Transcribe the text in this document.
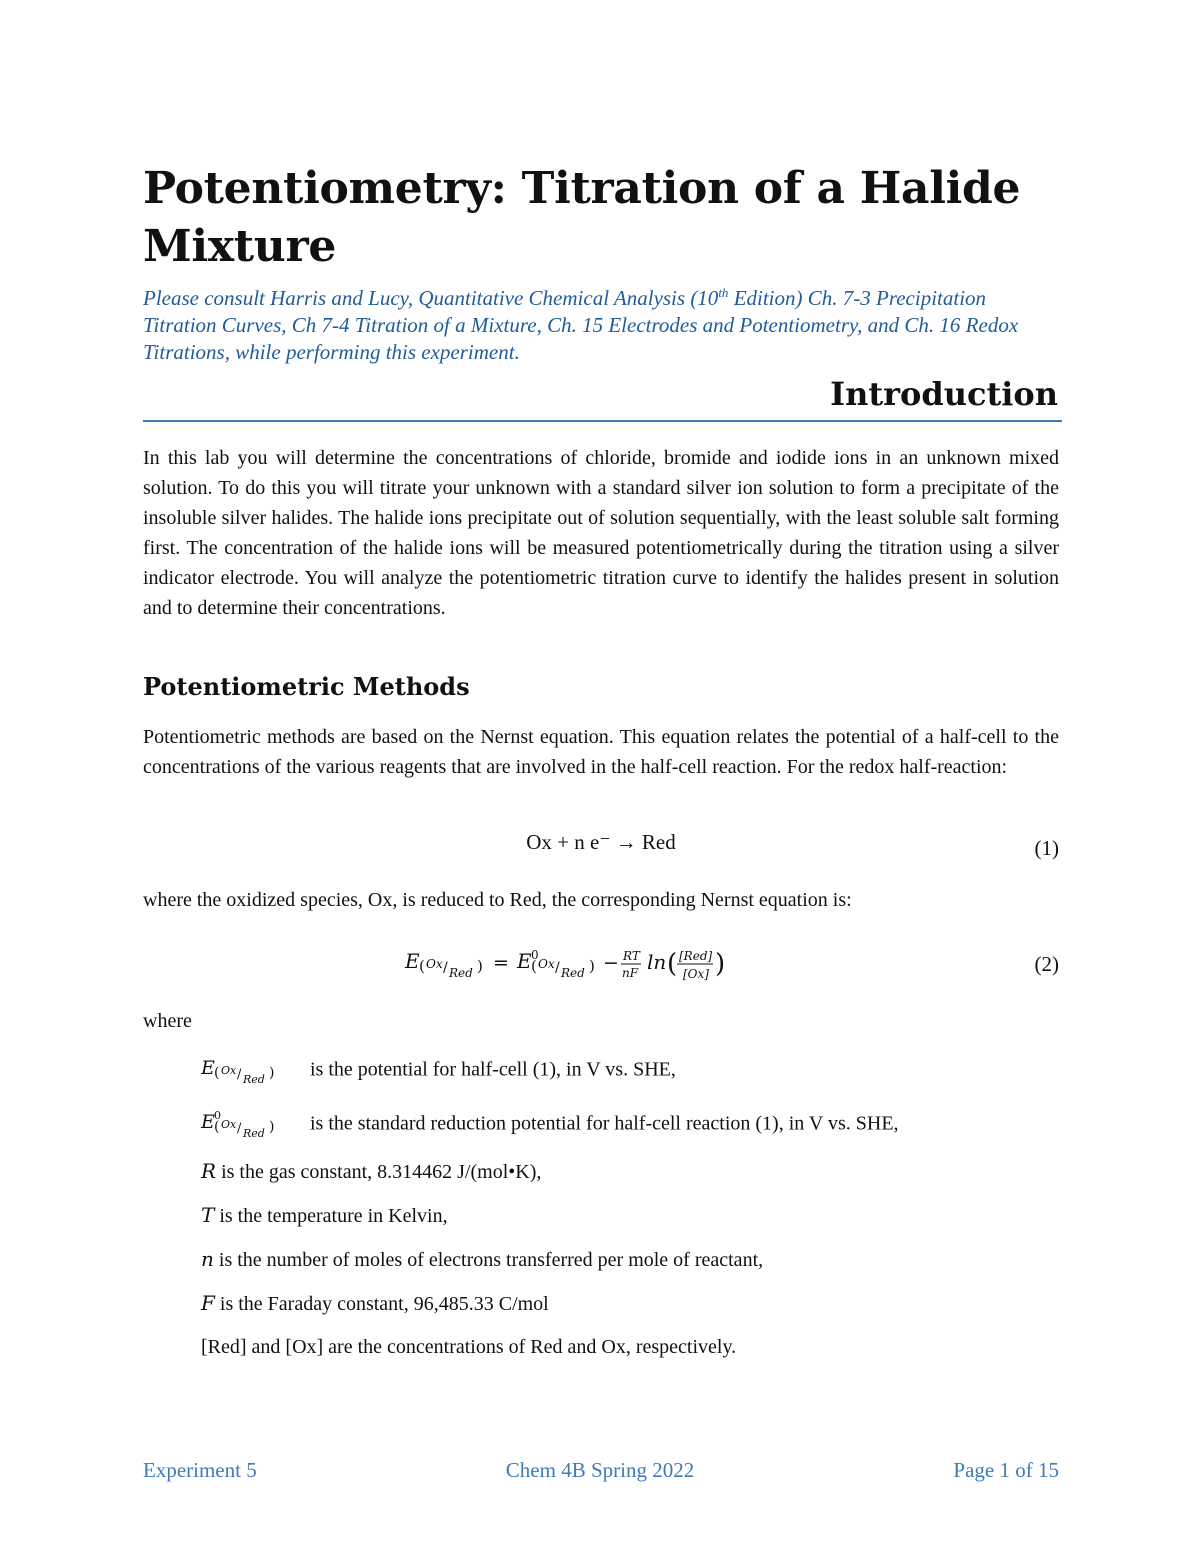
Potentiometry: Titration of a Halide Mixture
Please consult Harris and Lucy, Quantitative Chemical Analysis (10th Edition) Ch. 7-3 Precipitation Titration Curves, Ch 7-4 Titration of a Mixture, Ch. 15 Electrodes and Potentiometry, and Ch. 16 Redox Titrations, while performing this experiment.
Introduction

In this lab you will determine the concentrations of chloride, bromide and iodide ions in an unknown mixed solution. To do this you will titrate your unknown with a standard silver ion solution to form a precipitate of the insoluble silver halides. The halide ions precipitate out of solution sequentially, with the least soluble salt forming first. The concentration of the halide ions will be measured potentiometrically during the titration using a silver indicator electrode. You will analyze the potentiometric titration curve to identify the halides present in solution and to determine their concentrations.

Potentiometric Methods

Potentiometric methods are based on the Nernst equation. This equation relates the potential of a half-cell to the concentrations of the various reagents that are involved in the half-cell reaction. For the redox half-reaction:

Ox + n e⁻ → Red	(1)

where the oxidized species, Ox, is reduced to Red, the corresponding Nernst equation is:

E ( Ox / Red ) = E 0
( Ox / Red ) − RT
nF ln ( [Red]
[Ox] )	(2)
where
E ( Ox / Red ) is the potential for half-cell (1), in V vs. SHE,
E 0
( Ox / Red ) is the standard reduction potential for half-cell reaction (1), in V vs. SHE,
R is the gas constant, 8.314462 J/(mol•K),
T is the temperature in Kelvin,
n is the number of moles of electrons transferred per mole of reactant,
F is the Faraday constant, 96,485.33 C/mol
[Red] and [Ox] are the concentrations of Red and Ox, respectively.
Experiment 5	Chem 4B Spring 2022	Page 1 of 15
